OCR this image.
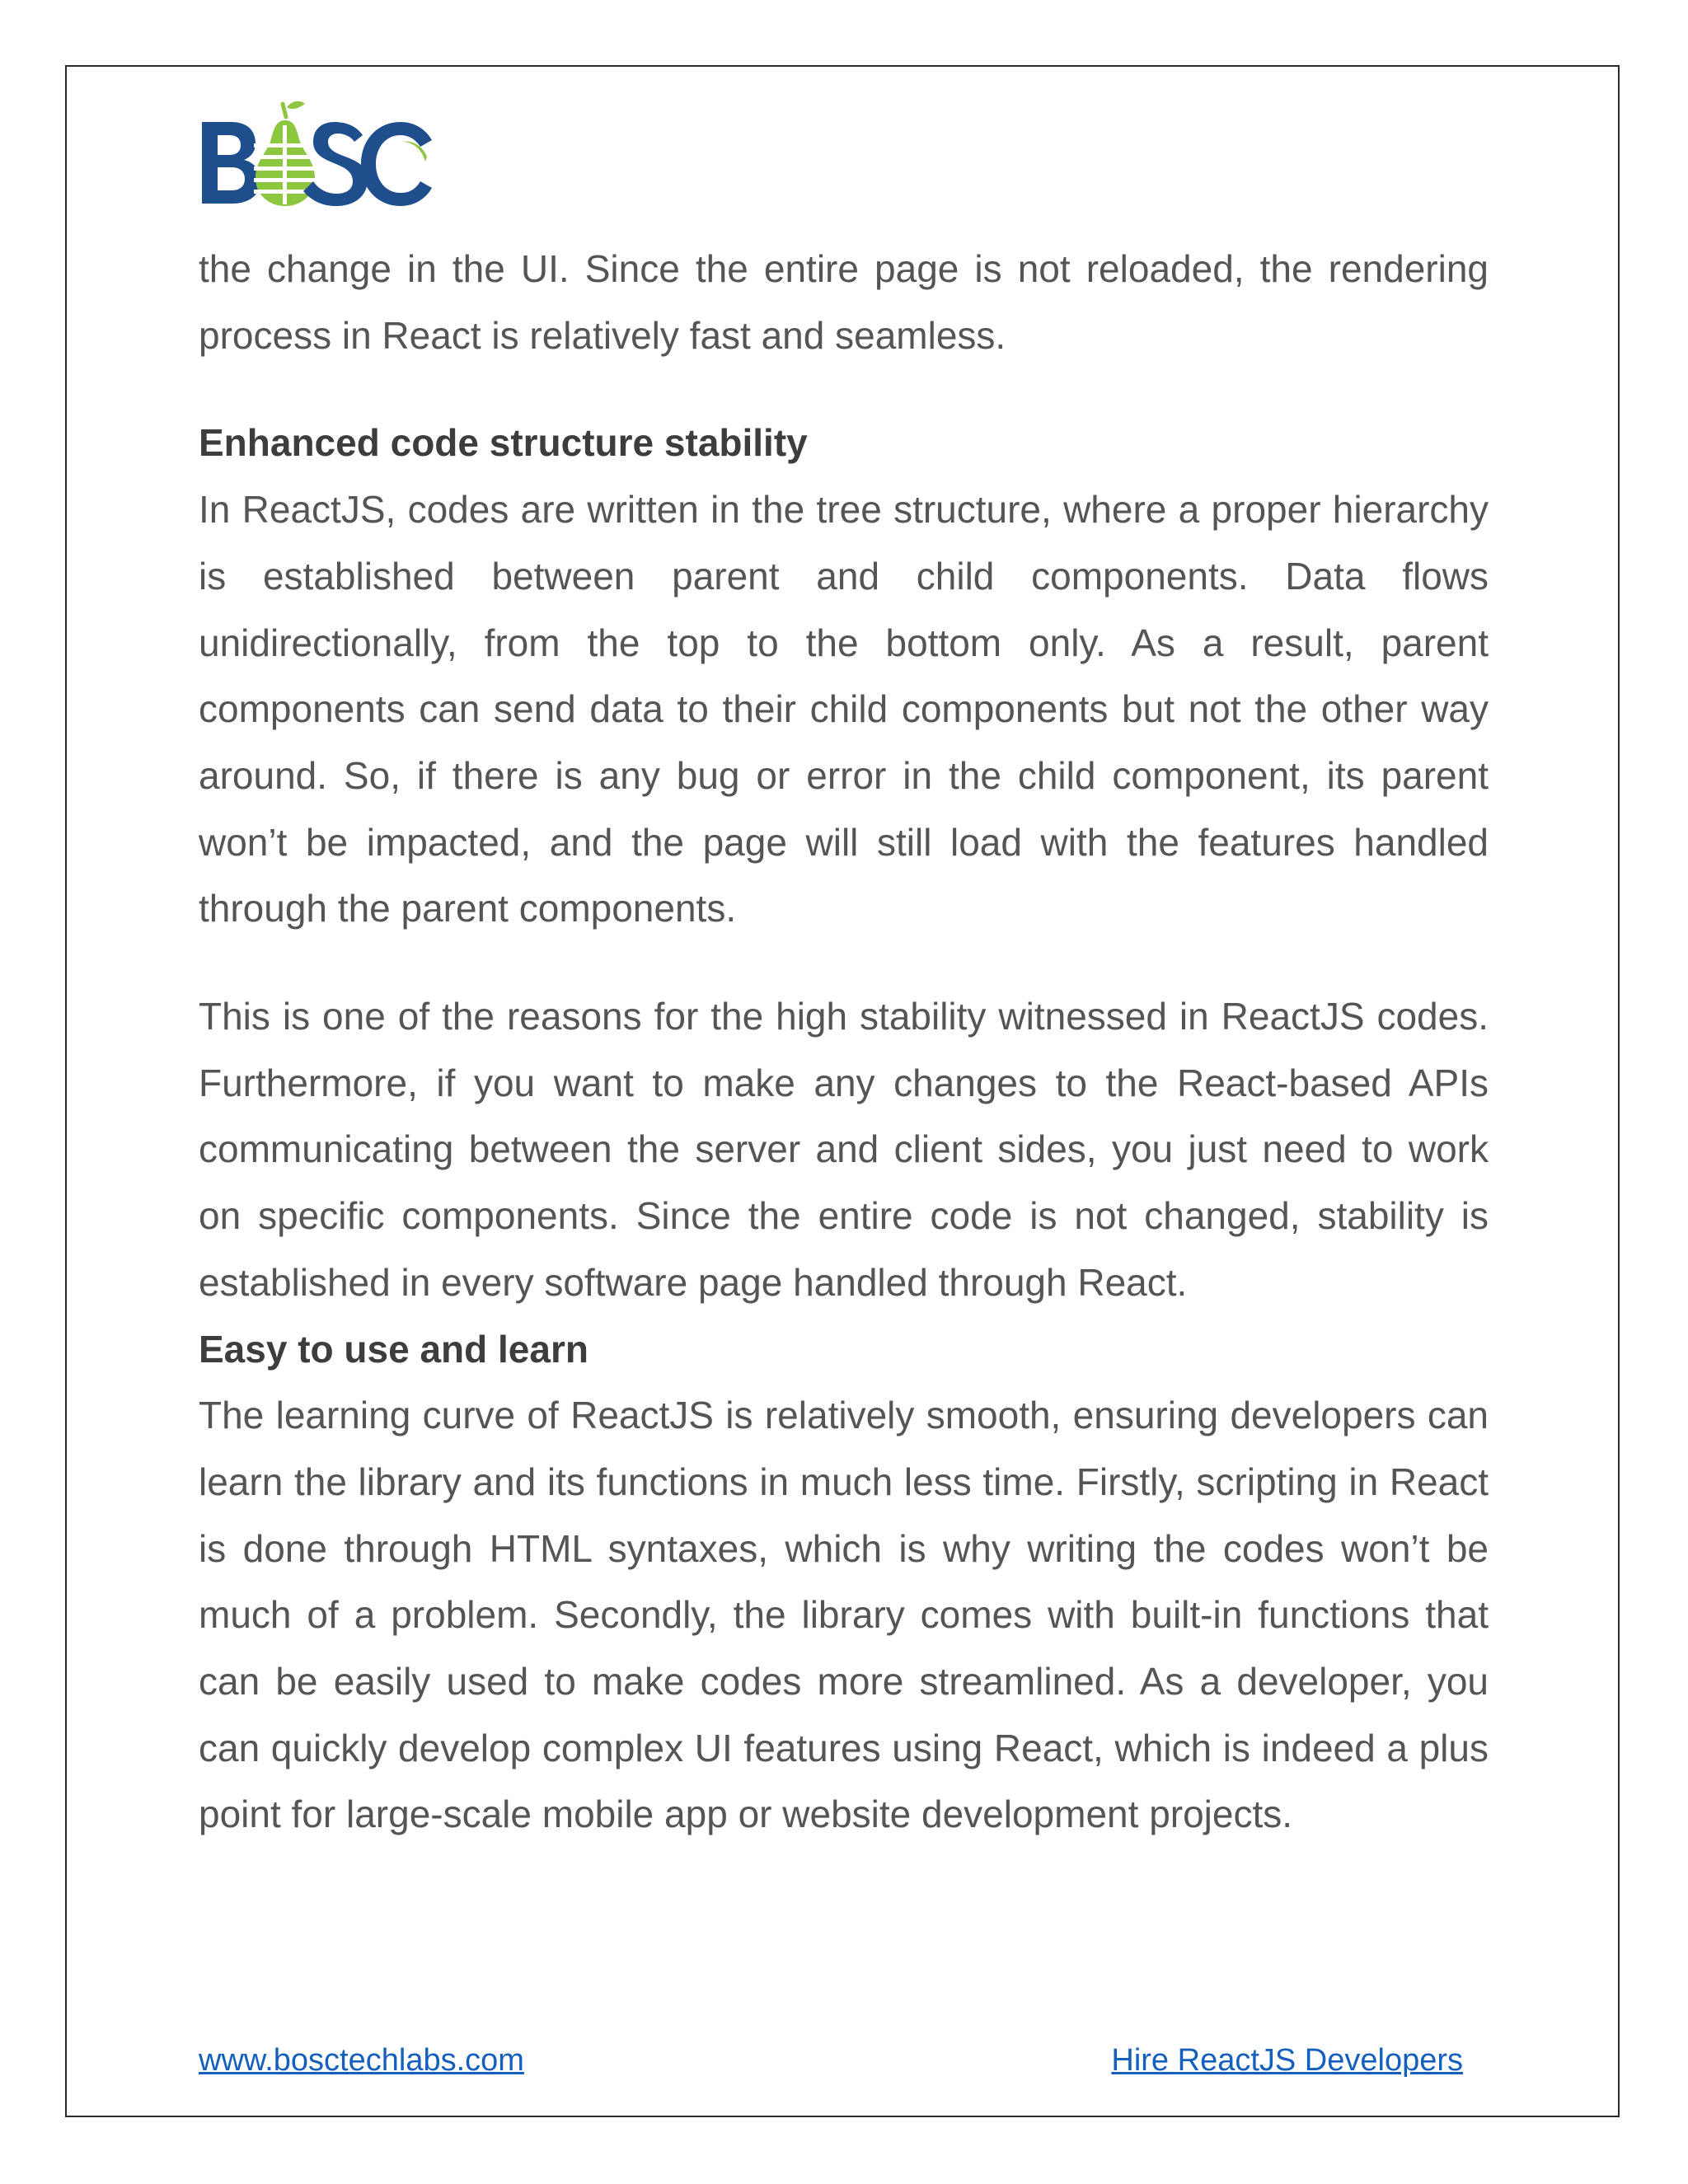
the change in the UI. Since the entire page is not reloaded, the rendering process in React is relatively fast and seamless.

Enhanced code structure stability

In ReactJS, codes are written in the tree structure, where a proper hierarchy is established between parent and child components. Data flows unidirectionally, from the top to the bottom only. As a result, parent components can send data to their child components but not the other way around. So, if there is any bug or error in the child component, its parent won’t be impacted, and the page will still load with the features handled through the parent components.

This is one of the reasons for the high stability witnessed in ReactJS codes. Furthermore, if you want to make any changes to the React-based APIs communicating between the server and client sides, you just need to work on specific components. Since the entire code is not changed, stability is established in every software page handled through React.

Easy to use and learn

The learning curve of ReactJS is relatively smooth, ensuring developers can learn the library and its functions in much less time. Firstly, scripting in React is done through HTML syntaxes, which is why writing the codes won’t be much of a problem. Secondly, the library comes with built-in functions that can be easily used to make codes more streamlined. As a developer, you can quickly develop complex UI features using React, which is indeed a plus point for large-scale mobile app or website development projects.

www.bosctechlabs.com	Hire ReactJS Developers
